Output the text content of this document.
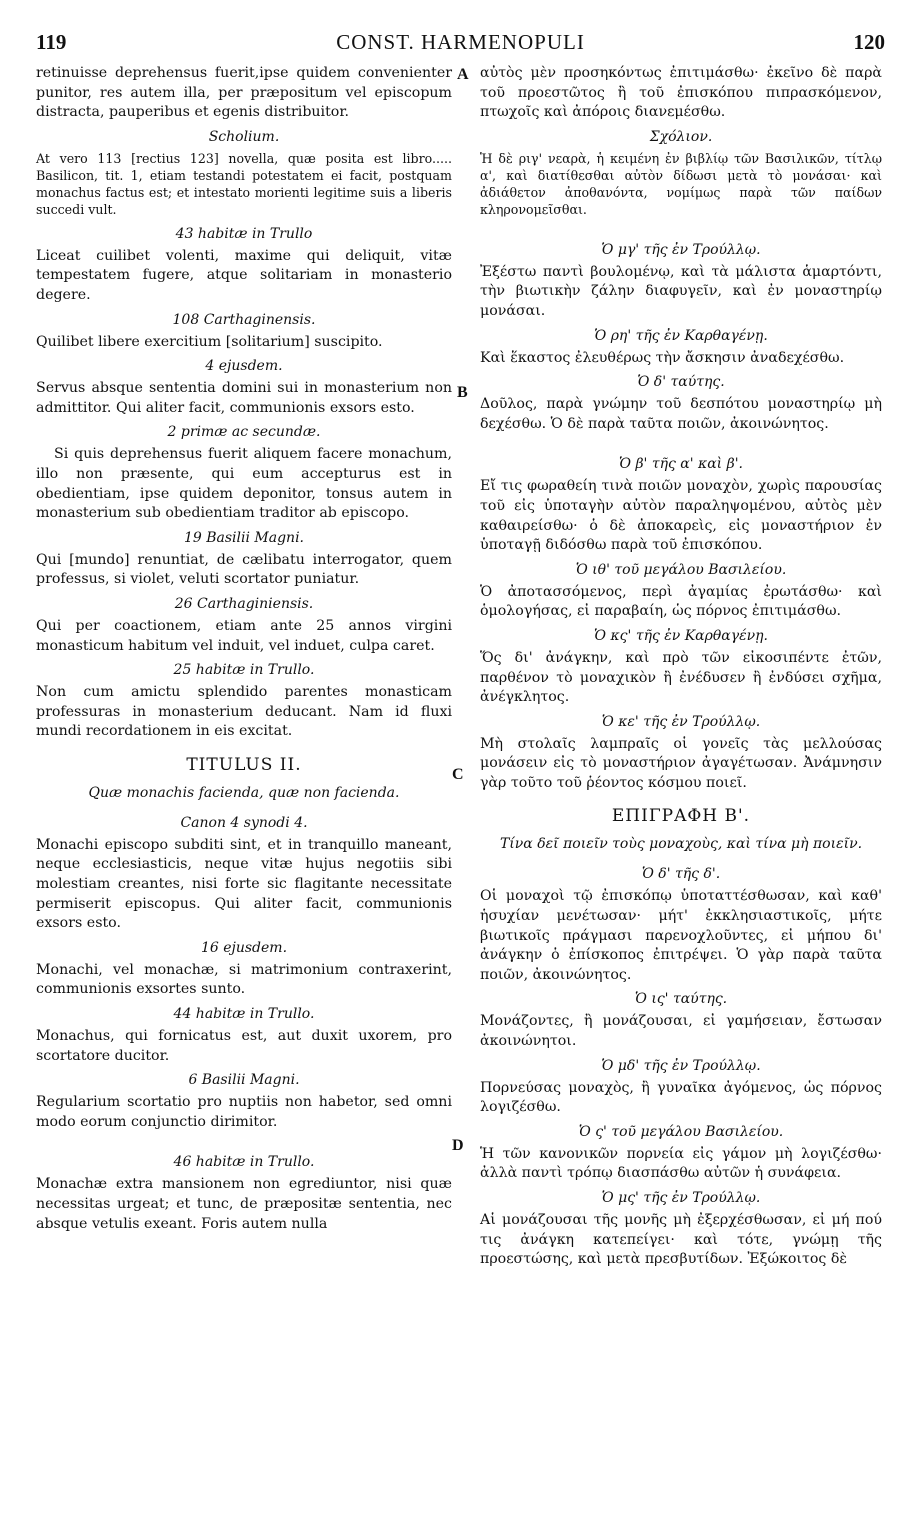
119	CONST. HARMENOPULI	120
retinuisse deprehensus fuerit,ipse quidem convenienter punitor, res autem illa, per præpositum vel episcopum distracta, pauperibus et egenis distribuitor.
Scholium.
At vero 113 [rectius 123] novella, quæ posita est libro..... Basilicon, tit. 1, etiam testandi potestatem ei facit, postquam monachus factus est; et intestato morienti legitime suis a liberis succedi vult.
43 habitæ in Trullo
Liceat cuilibet volenti, maxime qui deliquit, vitæ tempestatem fugere, atque solitariam in monasterio degere.
108 Carthaginensis.
Quilibet libere exercitium [solitarium] suscipito.
4 ejusdem.
Servus absque sententia domini sui in monasterium non admittitor. Qui aliter facit, communionis exsors esto.
2 primæ ac secundæ.
Si quis deprehensus fuerit aliquem facere monachum, illo non præsente, qui eum accepturus est in obedientiam, ipse quidem deponitor, tonsus autem in monasterium sub obedientiam traditor ab episcopo.
19 Basilii Magni.
Qui [mundo] renuntiat, de cælibatu interrogator, quem professus, si violet, veluti scortator puniatur.
26 Carthaginiensis.
Qui per coactionem, etiam ante 25 annos virgini monasticum habitum vel induit, vel induet, culpa caret.
25 habitæ in Trullo.
Non cum amictu splendido parentes monasticam professuras in monasterium deducant. Nam id fluxi mundi recordationem in eis excitat.
TITULUS II.
Quæ monachis facienda, quæ non facienda.
Canon 4 synodi 4.
Monachi episcopo subditi sint, et in tranquillo maneant, neque ecclesiasticis, neque vitæ hujus negotiis sibi molestiam creantes, nisi forte sic flagitante necessitate permiserit episcopus. Qui aliter facit, communionis exsors esto.
16 ejusdem.
Monachi, vel monachæ, si matrimonium contraxerint, communionis exsortes sunto.
44 habitæ in Trullo.
Monachus, qui fornicatus est, aut duxit uxorem, pro scortatore ducitor.
6 Basilii Magni.
Regularium scortatio pro nuptiis non habetor, sed omni modo eorum conjunctio dirimitor.
46 habitæ in Trullo.
Monachæ extra mansionem non egrediuntor, nisi quæ necessitas urgeat; et tunc, de præpositæ sententia, nec absque vetulis exeant. Foris autem nulla
αὐτὸς μὲν προσηκόντως ἐπιτιμάσθω· ἐκεῖνο δὲ παρὰ τοῦ προεστῶτος ἢ τοῦ ἐπισκόπου πιπρασκόμενον, πτωχοῖς καὶ ἀπόροις διανεμέσθω.
Σχόλιον.
Ἡ δὲ ριγ' νεαρὰ, ἡ κειμένη ἐν βιβλίῳ τῶν Βασιλικῶν, τίτλῳ α', καὶ διατίθεσθαι αὐτὸν δίδωσι μετὰ τὸ μονάσαι· καὶ ἀδιάθετον ἀποθανόντα, νομίμως παρὰ τῶν παίδων κληρονομεῖσθαι.
Ὁ μγ' τῆς ἐν Τρούλλῳ.
Ἐξέστω παντὶ βουλομένῳ, καὶ τὰ μάλιστα ἁμαρτόντι, τὴν βιωτικὴν ζάλην διαφυγεῖν, καὶ ἐν μοναστηρίῳ μονάσαι.
Ὁ ρη' τῆς ἐν Καρθαγένῃ.
Καὶ ἕκαστος ἐλευθέρως τὴν ἄσκησιν ἀναδεχέσθω.
Ὁ δ' ταύτης.
Δοῦλος, παρὰ γνώμην τοῦ δεσπότου μοναστηρίῳ μὴ δεχέσθω. Ὁ δὲ παρὰ ταῦτα ποιῶν, ἀκοινώνητος.
Ὁ β' τῆς α' καὶ β'.
Εἴ τις φωραθείη τινὰ ποιῶν μοναχὸν, χωρὶς παρουσίας τοῦ εἰς ὑποταγὴν αὐτὸν παραληψομένου, αὐτὸς μὲν καθαιρείσθω· ὁ δὲ ἀποκαρεὶς, εἰς μοναστήριον ἐν ὑποταγῇ διδόσθω παρὰ τοῦ ἐπισκόπου.
Ὁ ιθ' τοῦ μεγάλου Βασιλείου.
Ὁ ἀποτασσόμενος, περὶ ἀγαμίας ἐρωτάσθω· καὶ ὁμολογήσας, εἰ παραβαίη, ὡς πόρνος ἐπιτιμάσθω.
Ὁ κς' τῆς ἐν Καρθαγένῃ.
Ὅς δι' ἀνάγκην, καὶ πρὸ τῶν εἰκοσιπέντε ἐτῶν, παρθένον τὸ μοναχικὸν ἢ ἐνέδυσεν ἢ ἐνδύσει σχῆμα, ἀνέγκλητος.
Ὁ κε' τῆς ἐν Τρούλλῳ.
Μὴ στολαῖς λαμπραῖς οἱ γονεῖς τὰς μελλούσας μονάσειν εἰς τὸ μοναστήριον ἀγαγέτωσαν. Ἀνάμνησιν γὰρ τοῦτο τοῦ ῥέοντος κόσμου ποιεῖ.
ΕΠΙΓΡΑΦΗ Β'.
Τίνα δεῖ ποιεῖν τοὺς μοναχοὺς, καὶ τίνα μὴ ποιεῖν.
Ὁ δ' τῆς δ'.
Οἱ μοναχοὶ τῷ ἐπισκόπῳ ὑποταττέσθωσαν, καὶ καθ' ἡσυχίαν μενέτωσαν· μήτ' ἐκκλησιαστικοῖς, μήτε βιωτικοῖς πράγμασι παρενοχλοῦντες, εἰ μήπου δι' ἀνάγκην ὁ ἐπίσκοπος ἐπιτρέψει. Ὁ γὰρ παρὰ ταῦτα ποιῶν, ἀκοινώνητος.
Ὁ ις' ταύτης.
Μονάζοντες, ἢ μονάζουσαι, εἰ γαμήσειαν, ἔστωσαν ἀκοινώνητοι.
Ὁ μδ' τῆς ἐν Τρούλλῳ.
Πορνεύσας μοναχὸς, ἢ γυναῖκα ἀγόμενος, ὡς πόρνος λογιζέσθω.
Ὁ ς' τοῦ μεγάλου Βασιλείου.
Ἡ τῶν κανονικῶν πορνεία εἰς γάμον μὴ λογιζέσθω· ἀλλὰ παντὶ τρόπῳ διασπάσθω αὐτῶν ἡ συνάφεια.
Ὁ μς' τῆς ἐν Τρούλλῳ.
Αἱ μονάζουσαι τῆς μονῆς μὴ ἐξερχέσθωσαν, εἰ μή πού τις ἀνάγκη κατεπείγει· καὶ τότε, γνώμῃ τῆς προεστώσης, καὶ μετὰ πρεσβυτίδων. Ἐξώκοιτος δὲ
A
B
C
D
